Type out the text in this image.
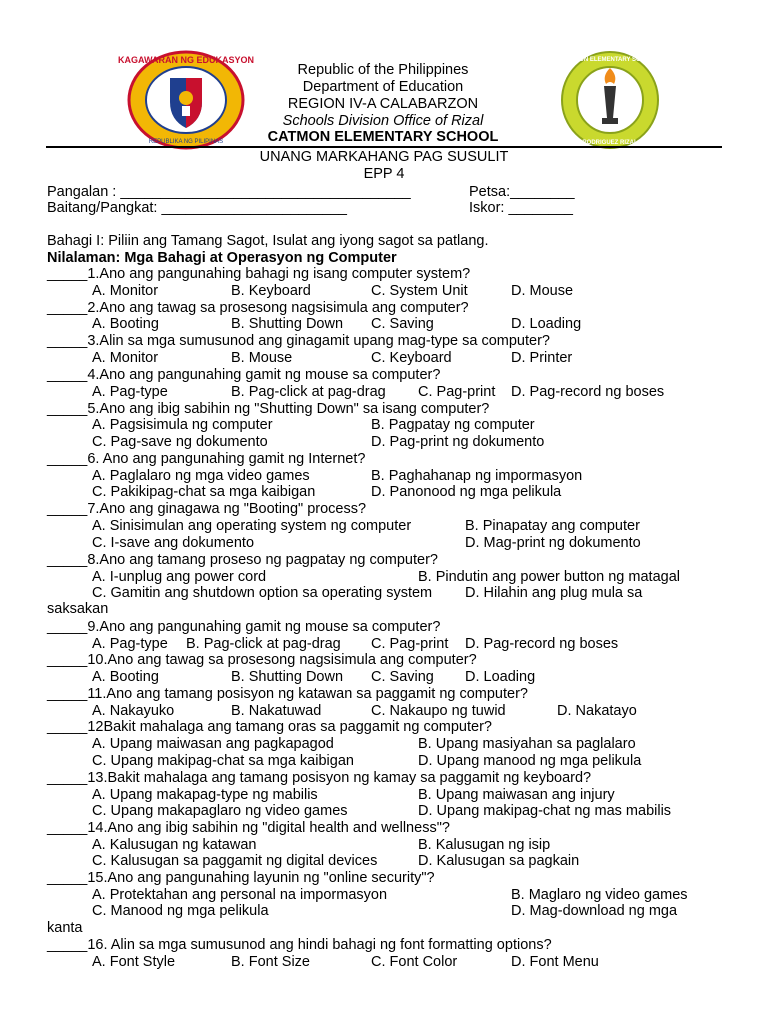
KAGAWARAN NG EDUKASYON
REPUBLIKA NG PILIPINAS
CATMON ELEMENTARY SCHOOL
RODRIGUEZ RIZAL
Republic of the Philippines
Department of Education
REGION IV-A CALABARZON
Schools Division Office of Rizal
CATMON ELEMENTARY SCHOOL
UNANG MARKAHANG PAG SUSULIT
EPP 4
Pangalan : ____________________________________	Petsa:________
Baitang/Pangkat: _______________________	Iskor: ________
Bahagi I: Piliin ang Tamang Sagot, Isulat ang iyong sagot sa patlang.
Nilalaman: Mga Bahagi at Operasyon ng Computer
_____1.Ano ang pangunahing bahagi ng isang computer system?
A. Monitor	B. Keyboard	C. System Unit	D. Mouse
_____2.Ano ang tawag sa prosesong nagsisimula ang computer?
A. Booting	B. Shutting Down C. Saving	D. Loading
_____3.Alin sa mga sumusunod ang ginagamit upang mag-type sa computer?
A. Monitor	B. Mouse	C. Keyboard	D. Printer
_____4.Ano ang pangunahing gamit ng mouse sa computer?
A. Pag-type	B. Pag-click at pag-drag C. Pag-print D. Pag-record ng boses
_____5.Ano ang ibig sabihin ng "Shutting Down" sa isang computer?
A. Pagsisimula ng computer	B. Pagpatay ng computer
C. Pag-save ng dokumento	D. Pag-print ng dokumento
_____6. Ano ang pangunahing gamit ng Internet?
A. Paglalaro ng mga video games	B. Paghahanap ng impormasyon
C. Pakikipag-chat sa mga kaibigan	D. Panonood ng mga pelikula
_____7.Ano ang ginagawa ng "Booting" process?
A. Sinisimulan ang operating system ng computer	B. Pinapatay ang computer
C. I-save ang dokumento	D. Mag-print ng dokumento
_____8.Ano ang tamang proseso ng pagpatay ng computer?
A. I-unplug ang power cord	B. Pindutin ang power button ng matagal
C. Gamitin ang shutdown option sa operating system D. Hilahin ang plug mula sa
saksakan
_____9.Ano ang pangunahing gamit ng mouse sa computer?
A. Pag-type B. Pag-click at pag-drag C. Pag-print D. Pag-record ng boses
_____10.Ano ang tawag sa prosesong nagsisimula ang computer?
A. Booting	B. Shutting Down C. Saving D. Loading
_____11.Ano ang tamang posisyon ng katawan sa paggamit ng computer?
A. Nakayuko	B. Nakatuwad	C. Nakaupo ng tuwid	D. Nakatayo
_____12Bakit mahalaga ang tamang oras sa paggamit ng computer?
A. Upang maiwasan ang pagkapagod	B. Upang masiyahan sa paglalaro
C. Upang makipag-chat sa mga kaibigan	D. Upang manood ng mga pelikula
_____13.Bakit mahalaga ang tamang posisyon ng kamay sa paggamit ng keyboard?
A. Upang makapag-type ng mabilis	B. Upang maiwasan ang injury
C. Upang makapaglaro ng video games	D. Upang makipag-chat ng mas mabilis
_____14.Ano ang ibig sabihin ng "digital health and wellness"?
A. Kalusugan ng katawan	B. Kalusugan ng isip
C. Kalusugan sa paggamit ng digital devices	D. Kalusugan sa pagkain
_____15.Ano ang pangunahing layunin ng "online security"?
A. Protektahan ang personal na impormasyon	B. Maglaro ng video games
C. Manood ng mga pelikula	D. Mag-download ng mga
kanta
_____16. Alin sa mga sumusunod ang hindi bahagi ng font formatting options?
A. Font Style	B. Font Size	C. Font Color	D. Font Menu
